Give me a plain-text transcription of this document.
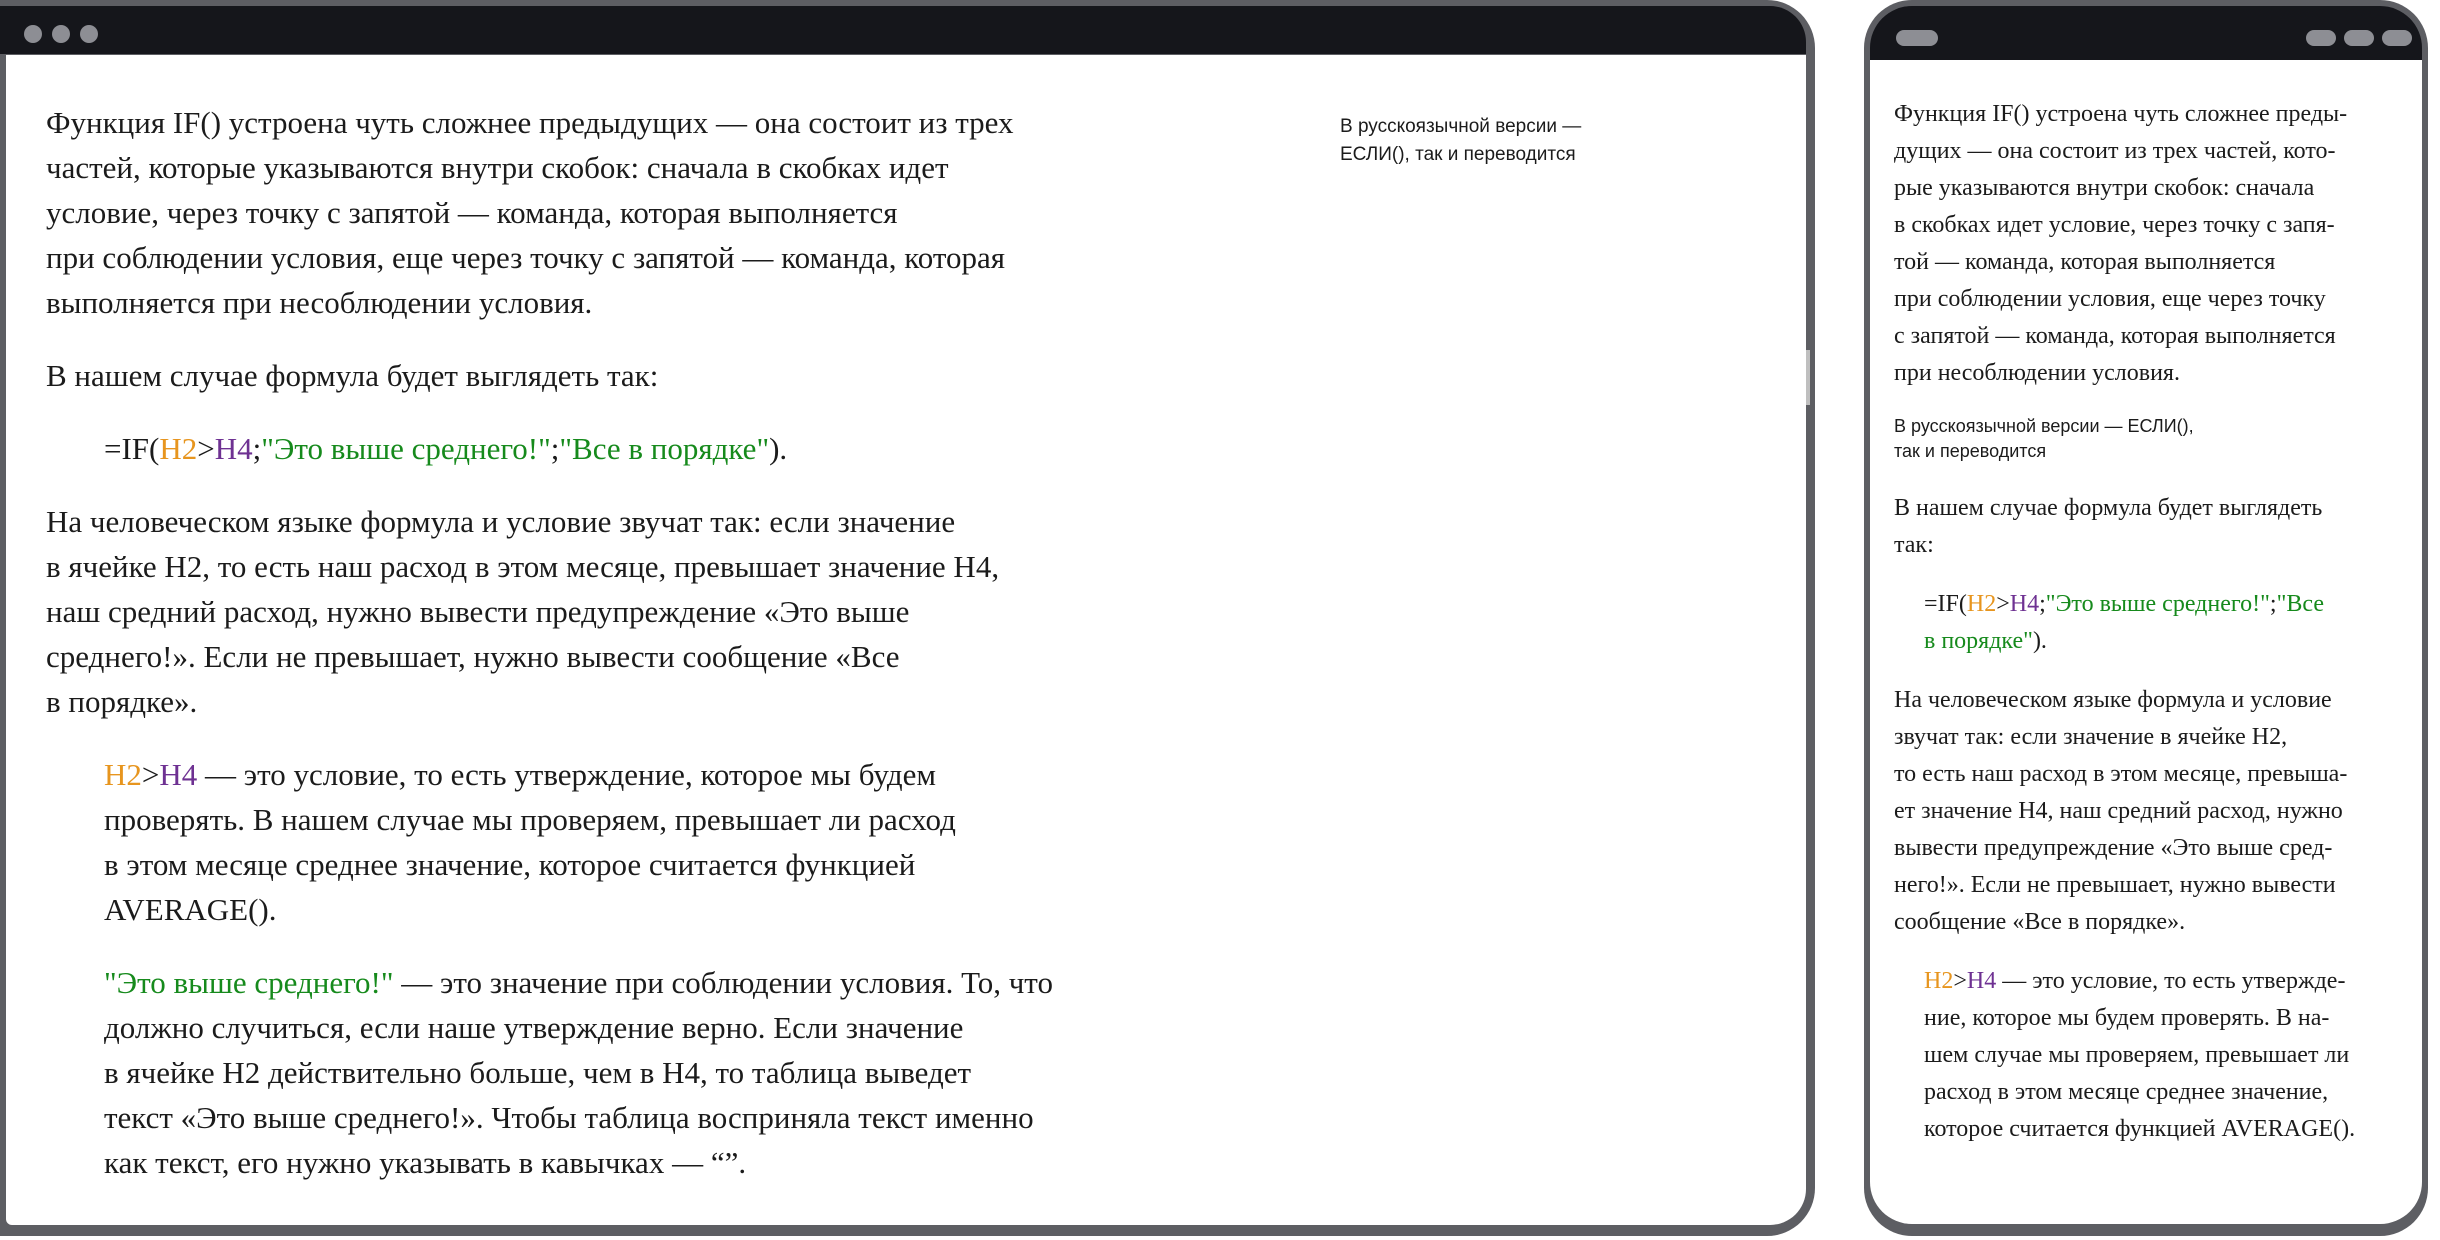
Функция IF() устроена чуть сложнее предыдущих — она состоит из трех
частей, которые указываются внутри скобок: сначала в скобках идет
условие, через точку с запятой — команда, которая выполняется
при соблюдении условия, еще через точку с запятой — команда, которая
выполняется при несоблюдении условия.

В нашем случае формула будет выглядеть так:

=IF(H2>H4;"Это выше среднего!";"Все в порядке").

На человеческом языке формула и условие звучат так: если значение
в ячейке H2, то есть наш расход в этом месяце, превышает значение H4,
наш средний расход, нужно вывести предупреждение «Это выше
среднего!». Если не превышает, нужно вывести сообщение «Все
в порядке».

H2>H4 — это условие, то есть утверждение, которое мы будем
проверять. В нашем случае мы проверяем, превышает ли расход
в этом месяце среднее значение, которое считается функцией
AVERAGE().

"Это выше среднего!" — это значение при соблюдении условия. То, что
должно случиться, если наше утверждение верно. Если значение
в ячейке H2 действительно больше, чем в H4, то таблица выведет
текст «Это выше среднего!». Чтобы таблица восприняла текст именно
как текст, его нужно указывать в кавычках — “”.

В русскоязычной версии —
ЕСЛИ(), так и переводится

Функция IF() устроена чуть сложнее преды-
дущих — она состоит из трех частей, кото-
рые указываются внутри скобок: сначала
в скобках идет условие, через точку с запя-
той — команда, которая выполняется
при соблюдении условия, еще через точку
с запятой — команда, которая выполняется
при несоблюдении условия.

В русскоязычной версии — ЕСЛИ(),
так и переводится

В нашем случае формула будет выглядеть
так:

=IF(H2>H4;"Это выше среднего!";"Все
в порядке").

На человеческом языке формула и условие
звучат так: если значение в ячейке H2,
то есть наш расход в этом месяце, превыша-
ет значение H4, наш средний расход, нужно
вывести предупреждение «Это выше сред-
него!». Если не превышает, нужно вывести
сообщение «Все в порядке».

H2>H4 — это условие, то есть утвержде-
ние, которое мы будем проверять. В на-
шем случае мы проверяем, превышает ли
расход в этом месяце среднее значение,
которое считается функцией AVERAGE().
